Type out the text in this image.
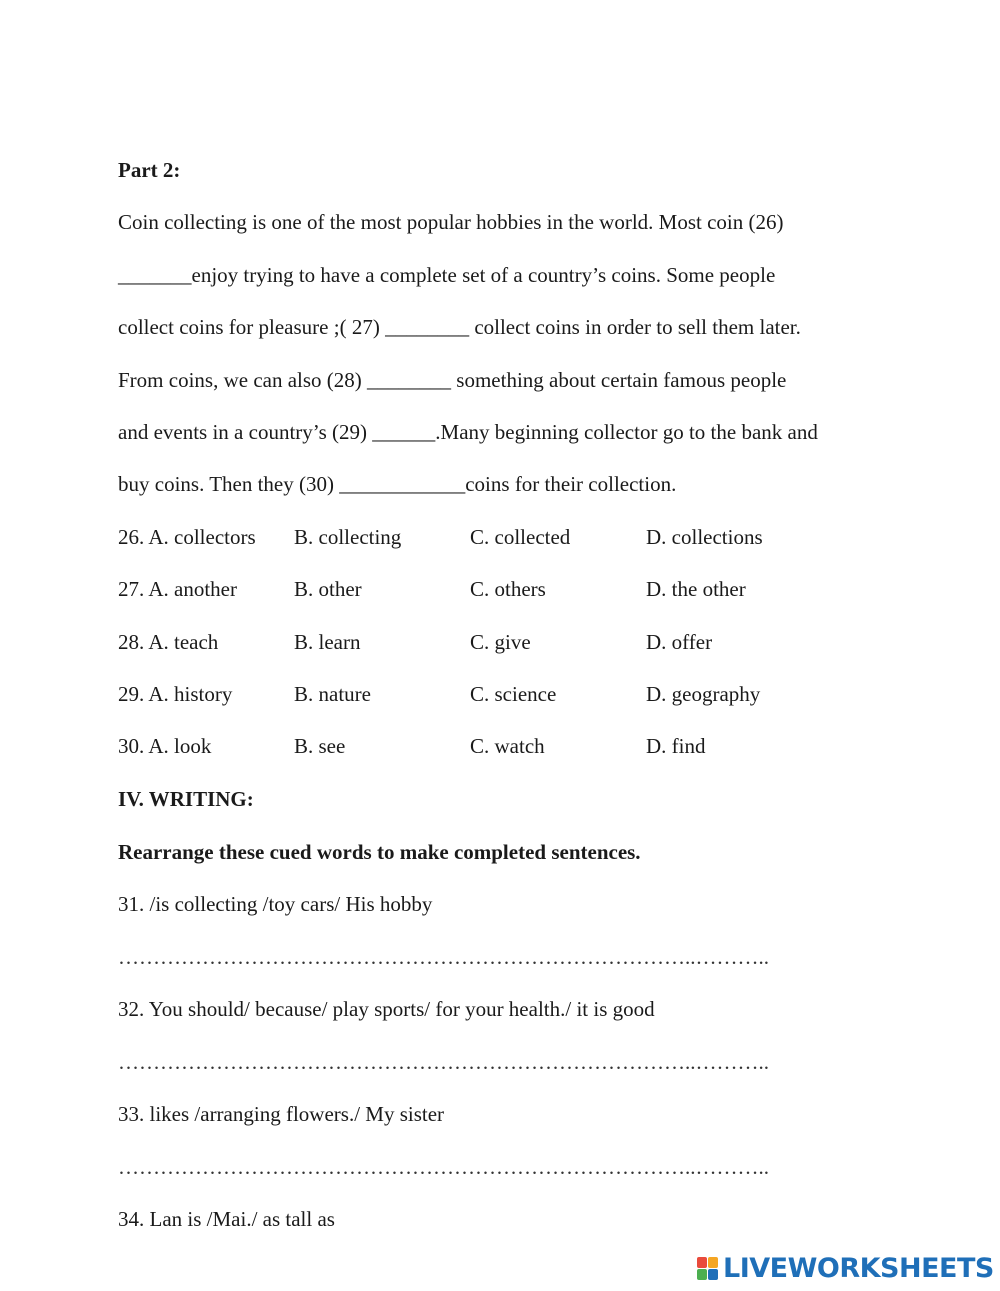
Part 2:
Coin collecting is one of the most popular hobbies in the world. Most coin (26)
_______enjoy trying to have a complete set of a country’s coins. Some people
collect coins for pleasure ;( 27) ________ collect coins in order to sell them later.
From coins, we can also (28) ________ something about certain famous people
and events in a country’s (29) ______.Many beginning collector go to the bank and
buy coins. Then they (30) ____________coins for their collection.
26. A. collectors B. collecting	C. collected	D. collections
27. A. another	B. other	C. others	D. the other
28. A. teach	B. learn	C. give	D. offer
29. A. history	B. nature	C. science	D. geography
30. A. look	B. see	C. watch	D. find
IV. WRITING:
Rearrange these cued words to make completed sentences.
31. /is collecting /toy cars/ His hobby
………………………………………………………………………..………..
32. You should/ because/ play sports/ for your health./ it is good
………………………………………………………………………..………..
33. likes /arranging flowers./ My sister
………………………………………………………………………..………..
34. Lan is /Mai./ as tall as
LIVEWORKSHEETS
